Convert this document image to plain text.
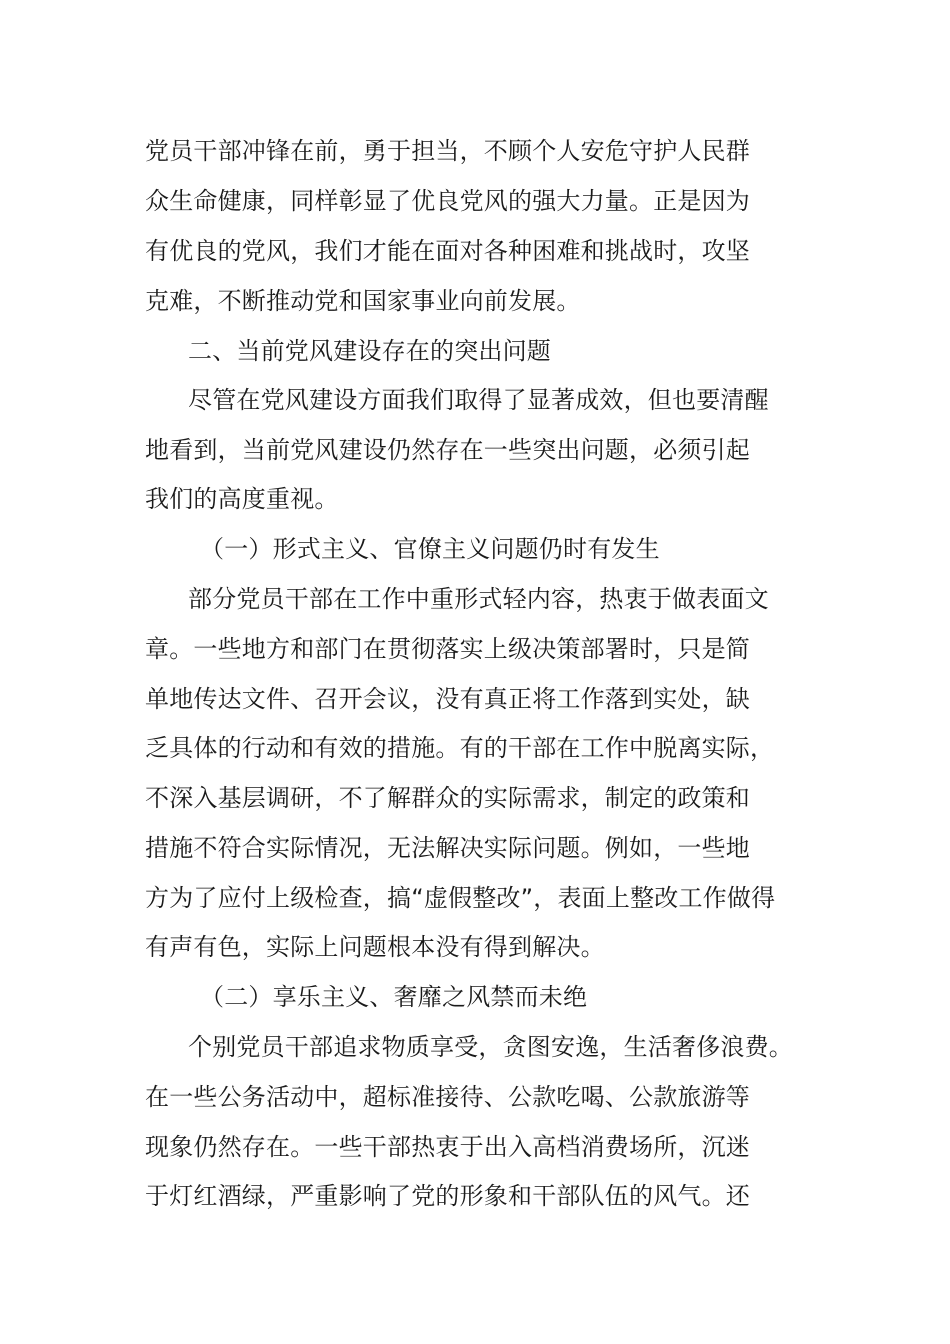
党员干部冲锋在前，勇于担当，不顾个人安危守护人民群
众生命健康，同样彰显了优良党风的强大力量。正是因为
有优良的党风，我们才能在面对各种困难和挑战时，攻坚
克难，不断推动党和国家事业向前发展。
二、当前党风建设存在的突出问题
尽管在党风建设方面我们取得了显著成效，但也要清醒
地看到，当前党风建设仍然存在一些突出问题，必须引起
我们的高度重视。
（一）形式主义、官僚主义问题仍时有发生
部分党员干部在工作中重形式轻内容，热衷于做表面文
章。一些地方和部门在贯彻落实上级决策部署时，只是简
单地传达文件、召开会议，没有真正将工作落到实处，缺
乏具体的行动和有效的措施。有的干部在工作中脱离实际，
不深入基层调研，不了解群众的实际需求，制定的政策和
措施不符合实际情况，无法解决实际问题。例如，一些地
方为了应付上级检查，搞“虚假整改”，表面上整改工作做得
有声有色，实际上问题根本没有得到解决。
（二）享乐主义、奢靡之风禁而未绝
个别党员干部追求物质享受，贪图安逸，生活奢侈浪费。
在一些公务活动中，超标准接待、公款吃喝、公款旅游等
现象仍然存在。一些干部热衷于出入高档消费场所，沉迷
于灯红酒绿，严重影响了党的形象和干部队伍的风气。还
